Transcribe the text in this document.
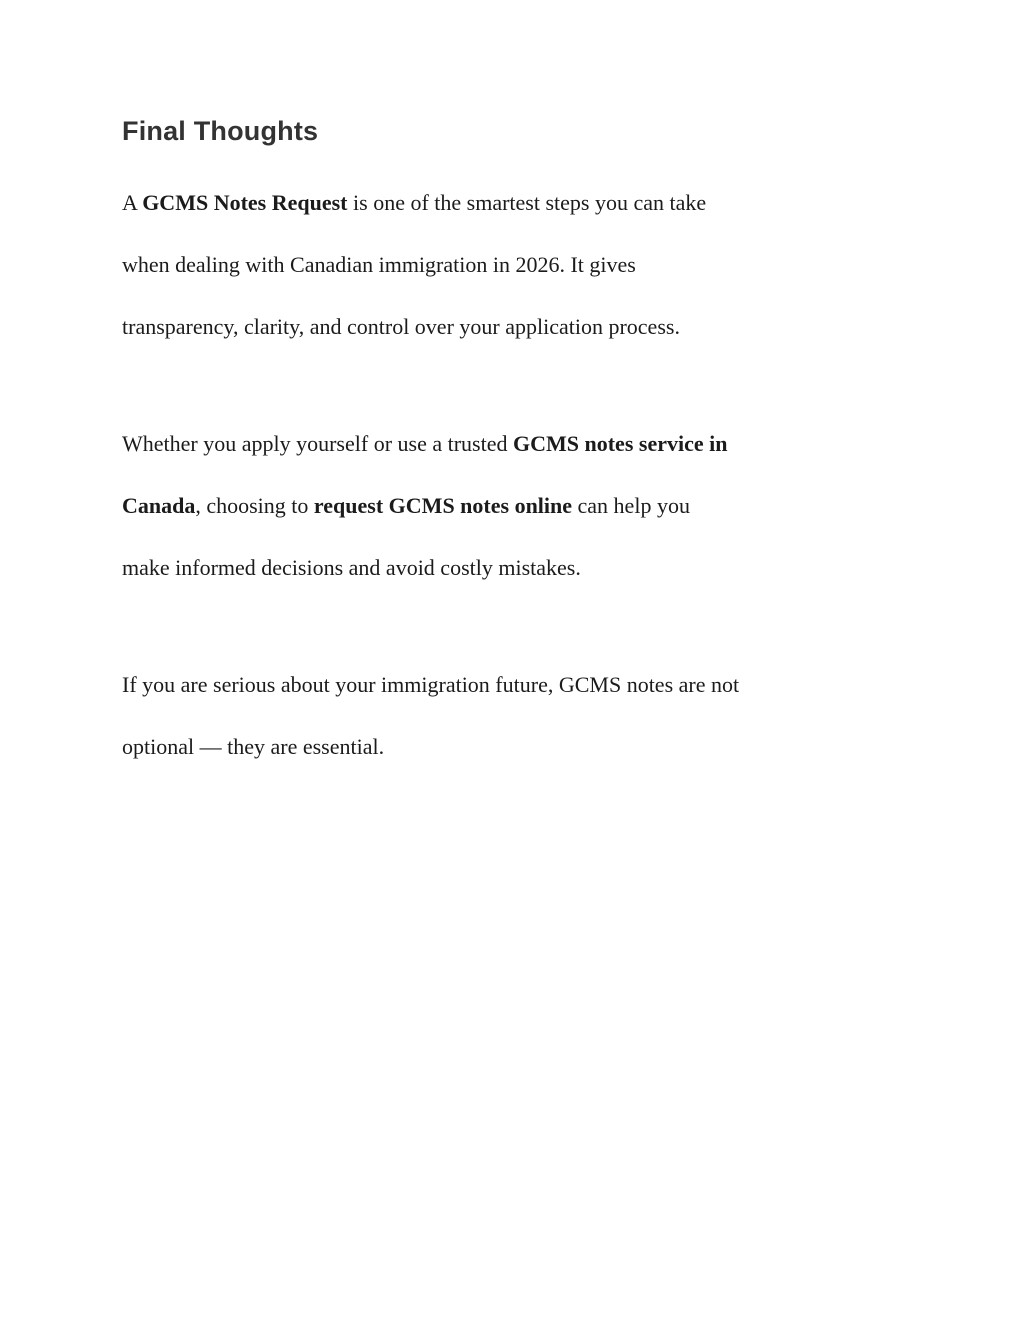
Final Thoughts

A GCMS Notes Request is one of the smartest steps you can take
when dealing with Canadian immigration in 2026. It gives
transparency, clarity, and control over your application process.

Whether you apply yourself or use a trusted GCMS notes service in
Canada, choosing to request GCMS notes online can help you
make informed decisions and avoid costly mistakes.

If you are serious about your immigration future, GCMS notes are not
optional — they are essential.
